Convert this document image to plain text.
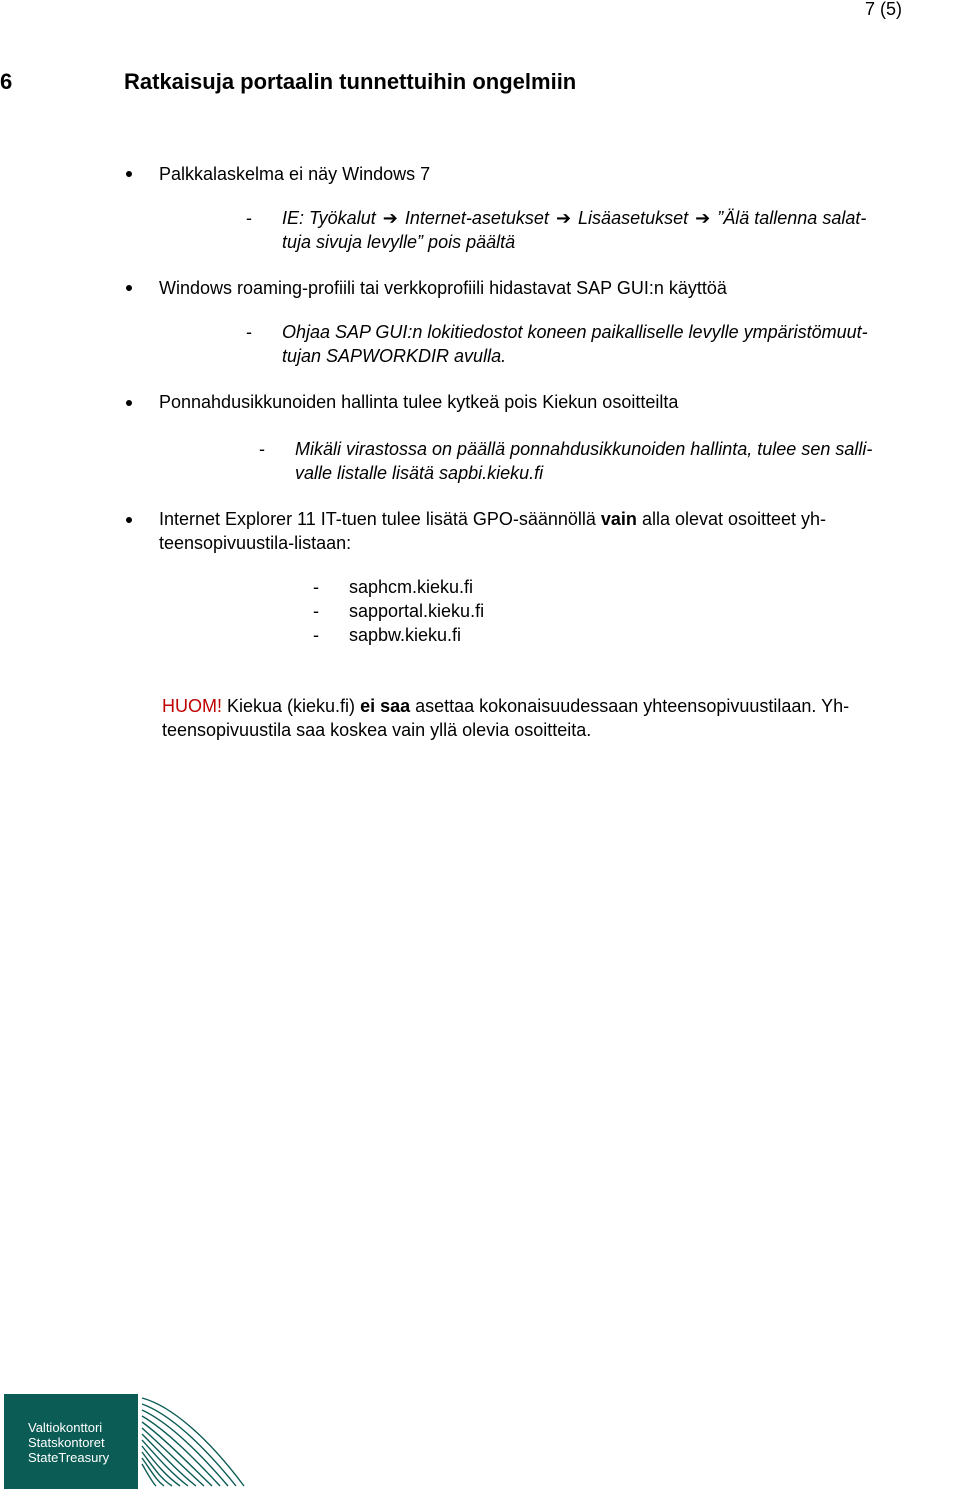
7 (5)
6	Ratkaisuja portaalin tunnettuihin ongelmiin
Palkkalaskelma ei näy Windows 7
- IE: Työkalut ➔ Internet-asetukset ➔ Lisäasetukset ➔ ”Älä tallenna salat-
tuja sivuja levylle” pois päältä
Windows roaming-profiili tai verkkoprofiili hidastavat SAP GUI:n käyttöä
- Ohjaa SAP GUI:n lokitiedostot koneen paikalliselle levylle ympäristömuut-
tujan SAPWORKDIR avulla.
Ponnahdusikkunoiden hallinta tulee kytkeä pois Kiekun osoitteilta
- Mikäli virastossa on päällä ponnahdusikkunoiden hallinta, tulee sen salli-
valle listalle lisätä sapbi.kieku.fi
Internet Explorer 11 IT-tuen tulee lisätä GPO-säännöllä vain alla olevat osoitteet yh-
teensopivuustila-listaan:
- saphcm.kieku.fi
- sapportal.kieku.fi
- sapbw.kieku.fi
HUOM! Kiekua (kieku.fi) ei saa asettaa kokonaisuudessaan yhteensopivuustilaan. Yh-
teensopivuustila saa koskea vain yllä olevia osoitteita.
Valtiokonttori
Statskontoret
StateTreasury
